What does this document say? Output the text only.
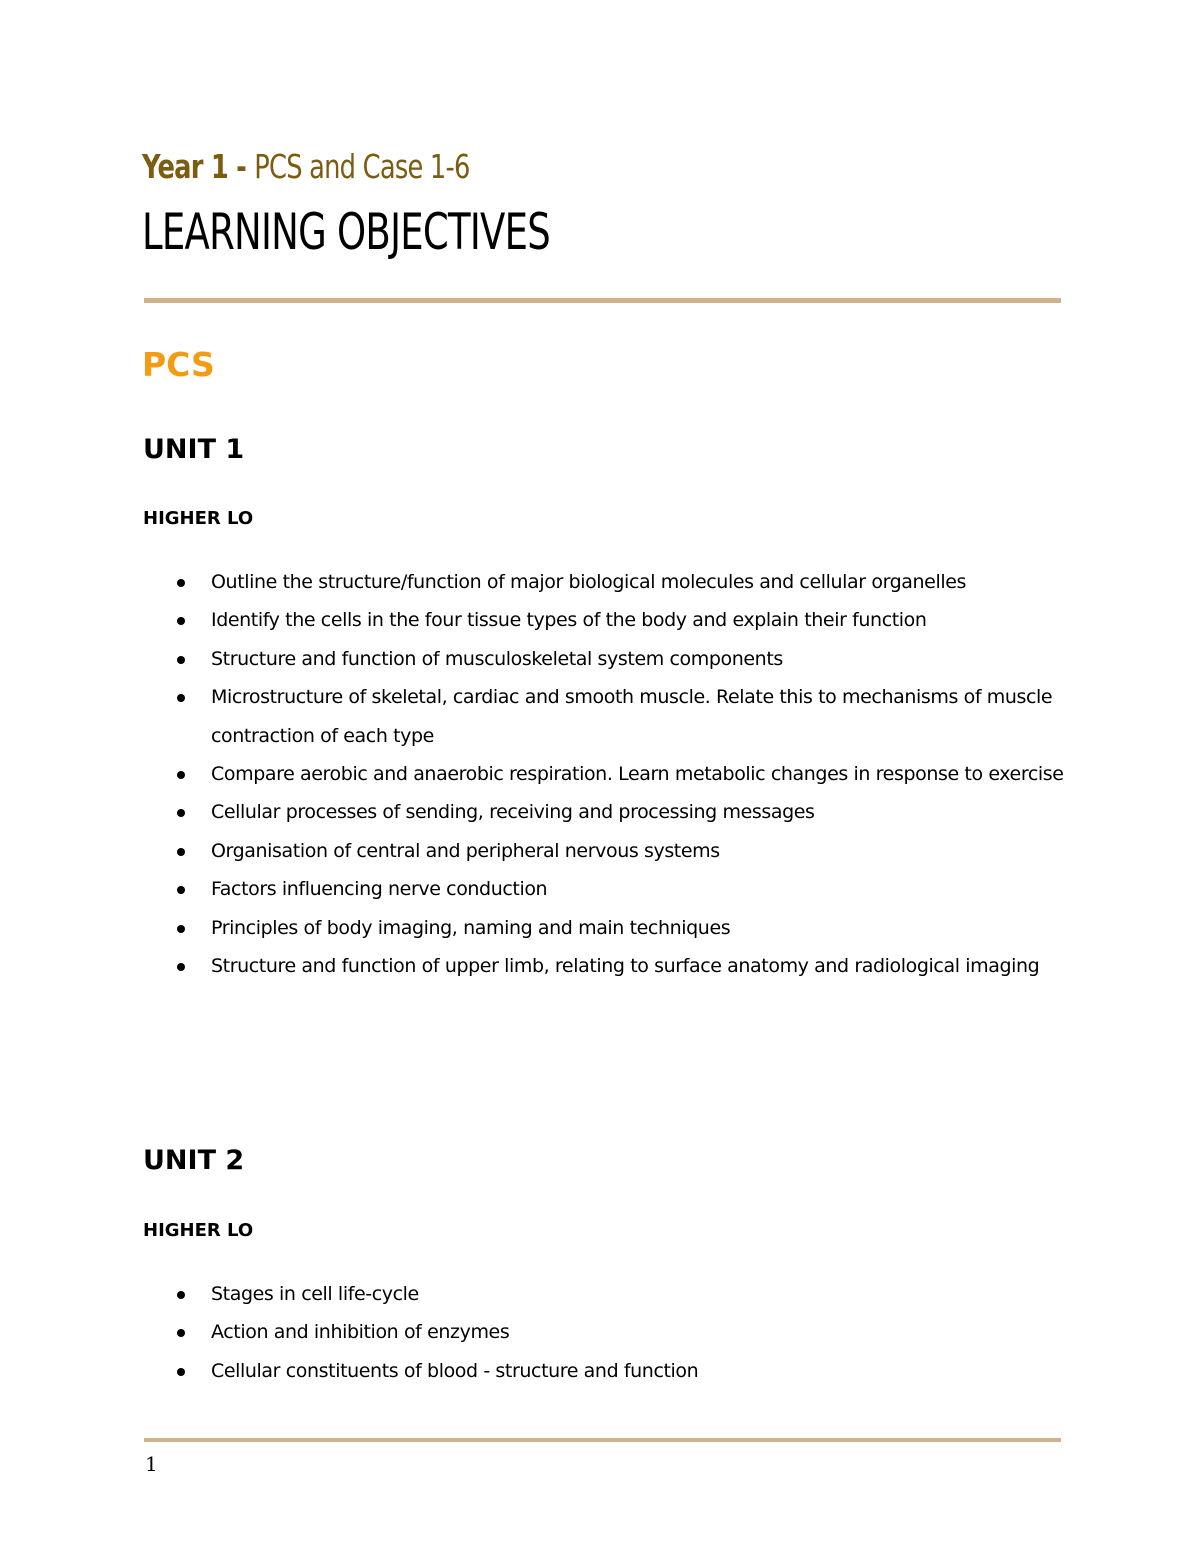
Year 1 - PCS and Case 1-6
LEARNING OBJECTIVES
PCS
UNIT 1
HIGHER LO
Outline the structure/function of major biological molecules and cellular organelles
Identify the cells in the four tissue types of the body and explain their function
Structure and function of musculoskeletal system components
Microstructure of skeletal, cardiac and smooth muscle. Relate this to mechanisms of muscle contraction of each type
Compare aerobic and anaerobic respiration. Learn metabolic changes in response to exercise
Cellular processes of sending, receiving and processing messages
Organisation of central and peripheral nervous systems
Factors influencing nerve conduction
Principles of body imaging, naming and main techniques
Structure and function of upper limb, relating to surface anatomy and radiological imaging
UNIT 2
HIGHER LO
Stages in cell life-cycle
Action and inhibition of enzymes
Cellular constituents of blood - structure and function
1
